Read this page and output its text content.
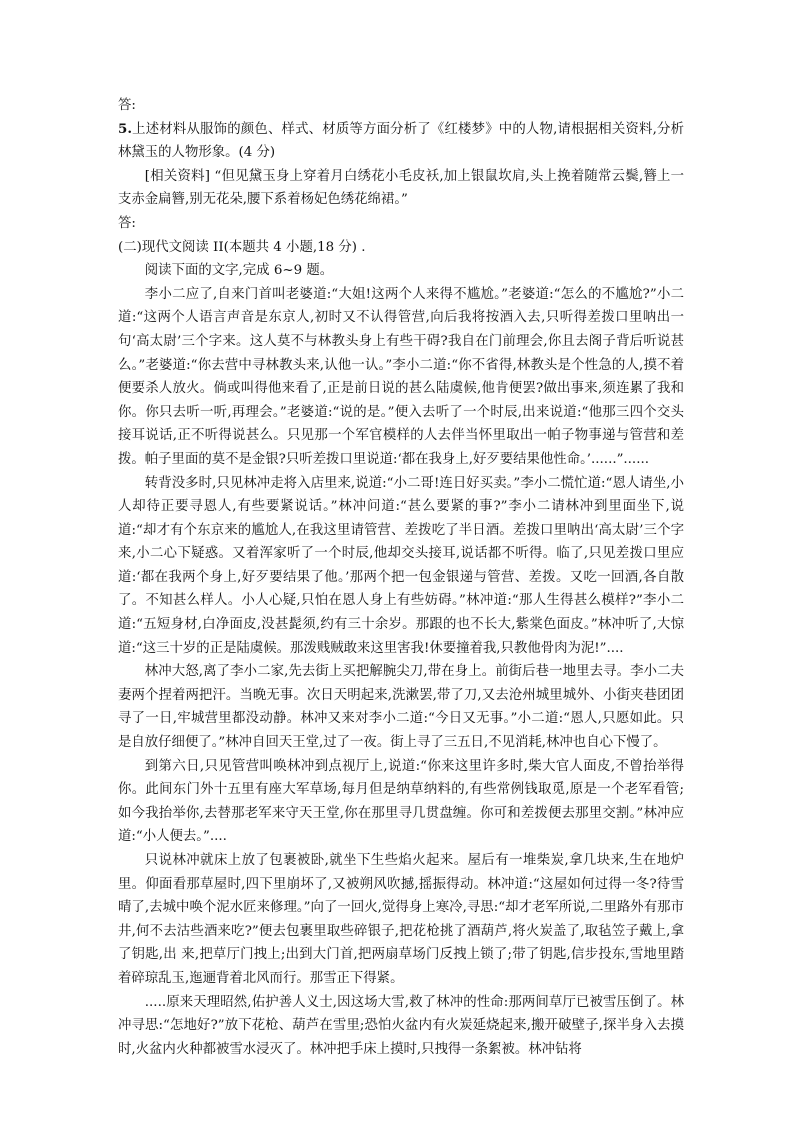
答:

5.上述材料从服饰的颜色、样式、材质等方面分析了《红楼梦》中的人物,请根据相关资料,分析林黛玉的人物形象。(4 分)

[相关资料] “但见黛玉身上穿着月白绣花小毛皮袄,加上银鼠坎肩,头上挽着随常云鬓,簪上一支赤金扁簪,别无花朵,腰下系着杨妃色绣花绵裙。”

答:

(二)现代文阅读 II(本题共 4 小题,18 分) .

阅读下面的文字,完成 6~9 题。

李小二应了,自来门首叫老婆道:“大姐!这两个人来得不尴尬。”老婆道:“怎么的不尴尬?”小二道:“这两个人语言声音是东京人,初时又不认得管营,向后我将按酒入去,只听得差拨口里呐出一句‘高太尉’三个字来。这人莫不与林教头身上有些干碍?我自在门前理会,你且去阁子背后听说甚么。”老婆道:“你去营中寻林教头来,认他一认。”李小二道:“你不省得,林教头是个性急的人,摸不着便要杀人放火。倘或叫得他来看了,正是前日说的甚么陆虞候,他肯便罢?做出事来,须连累了我和你。你只去听一听,再理会。”老婆道:“说的是。”便入去听了一个时辰,出来说道:“他那三四个交头接耳说话,正不听得说甚么。只见那一个军官模样的人去伴当怀里取出一帕子物事递与管营和差拨。帕子里面的莫不是金银?只听差拨口里说道:‘都在我身上,好歹要结果他性命。’......”......

转背没多时,只见林冲走将入店里来,说道:“小二哥!连日好买卖。”李小二慌忙道:“恩人请坐,小人却待正要寻恩人,有些要紧说话。”林冲问道:“甚么要紧的事?”李小二请林冲到里面坐下,说道:“却才有个东京来的尴尬人,在我这里请管营、差拨吃了半日酒。差拨口里呐出‘高太尉’三个字来,小二心下疑惑。又着浑家听了一个时辰,他却交头接耳,说话都不听得。临了,只见差拨口里应道:‘都在我两个身上,好歹要结果了他。’那两个把一包金银递与管营、差拨。又吃一回酒,各自散了。不知甚么样人。小人心疑,只怕在恩人身上有些妨碍。”林冲道:“那人生得甚么模样?”李小二道:“五短身材,白净面皮,没甚髭须,约有三十余岁。那跟的也不长大,紫棠色面皮。”林冲听了,大惊道:“这三十岁的正是陆虞候。那泼贱贼敢来这里害我!休要撞着我,只教他骨肉为泥!”....

林冲大怒,离了李小二家,先去街上买把解腕尖刀,带在身上。前街后巷一地里去寻。李小二夫妻两个捏着两把汗。当晚无事。次日天明起来,洗漱罢,带了刀,又去沧州城里城外、小街夹巷团团寻了一日,牢城营里都没动静。林冲又来对李小二道:“今日又无事。”小二道:“恩人,只愿如此。只是自放仔细便了。”林冲自回天王堂,过了一夜。街上寻了三五日,不见消耗,林冲也自心下慢了。

到第六日,只见管营叫唤林冲到点视厅上,说道:“你来这里许多时,柴大官人面皮,不曾抬举得你。此间东门外十五里有座大军草场,每月但是纳草纳料的,有些常例钱取觅,原是一个老军看管;如今我抬举你,去替那老军来守天王堂,你在那里寻几贯盘缠。你可和差拨便去那里交割。”林冲应道:“小人便去。”....

只说林冲就床上放了包裹被卧,就坐下生些焰火起来。屋后有一堆柴炭,拿几块来,生在地炉里。仰面看那草屋时,四下里崩坏了,又被朔风吹撼,摇振得动。林冲道:“这屋如何过得一冬?待雪晴了,去城中唤个泥水匠来修理。”向了一回火,觉得身上寒冷,寻思:“却才老军所说,二里路外有那市井,何不去沽些酒来吃?”便去包裹里取些碎银子,把花枪挑了酒葫芦,将火炭盖了,取毡笠子戴上,拿了钥匙,出 来,把草厅门拽上;出到大门首,把两扇草场门反拽上锁了;带了钥匙,信步投东,雪地里踏着碎琼乱玉,迤逦背着北风而行。那雪正下得紧。

.....原来天理昭然,佑护善人义士,因这场大雪,救了林冲的性命:那两间草厅已被雪压倒了。林冲寻思:“怎地好?”放下花枪、葫芦在雪里;恐怕火盆内有火炭延烧起来,搬开破壁子,探半身入去摸时,火盆内火种都被雪水浸灭了。林冲把手床上摸时,只拽得一条絮被。林冲钻将
